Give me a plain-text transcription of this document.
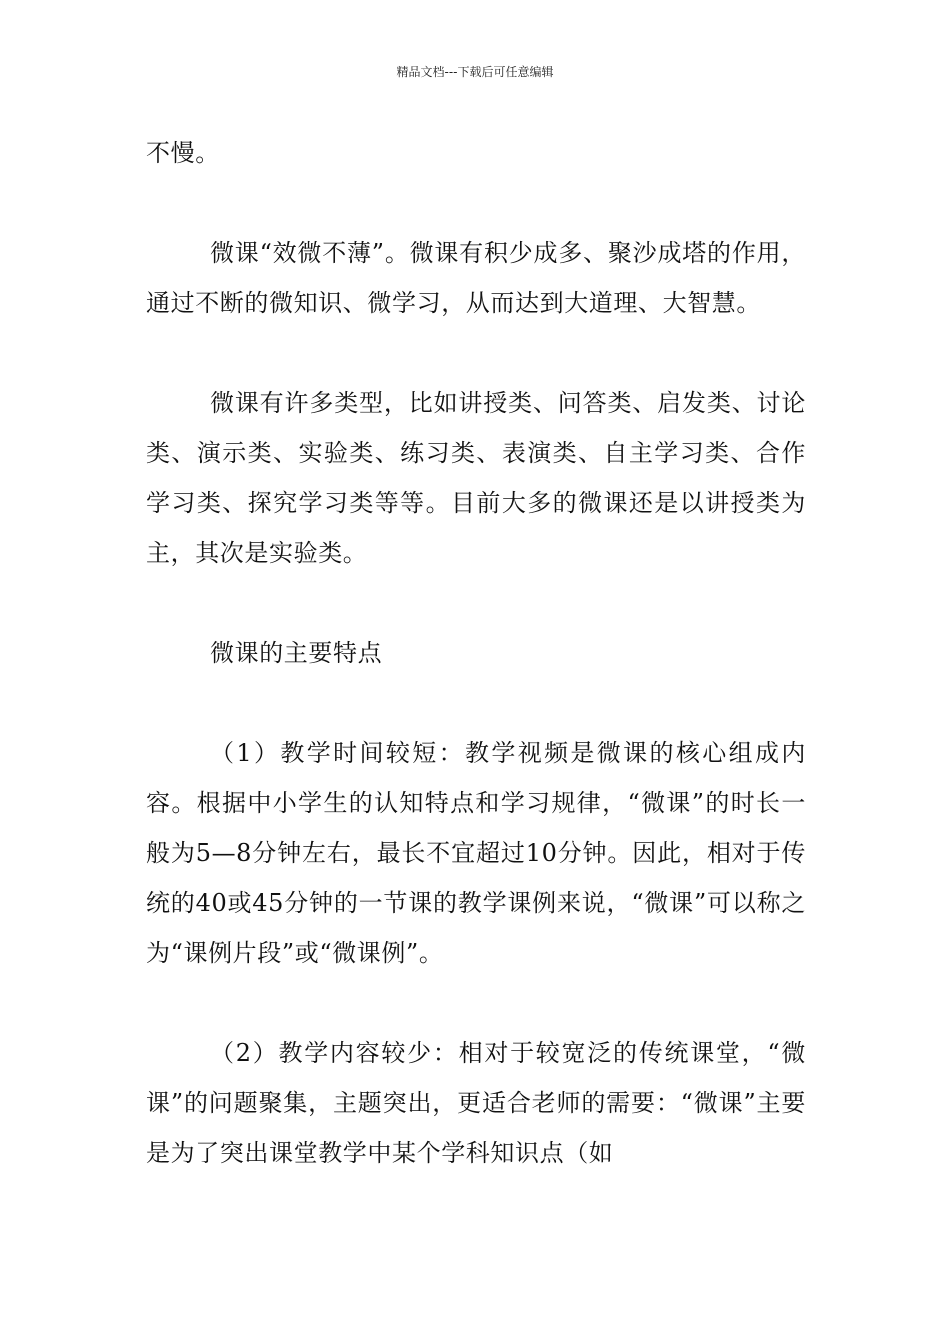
精品文档---下载后可任意编辑

不慢。

微课“效微不薄”。微课有积少成多、聚沙成塔的作用，通过不断的微知识、微学习，从而达到大道理、大智慧。

微课有许多类型，比如讲授类、问答类、启发类、讨论类、演示类、实验类、练习类、表演类、自主学习类、合作学习类、探究学习类等等。目前大多的微课还是以讲授类为主，其次是实验类。

微课的主要特点

（1）教学时间较短：教学视频是微课的核心组成内容。根据中小学生的认知特点和学习规律，“微课”的时长一般为5—8分钟左右，最长不宜超过10分钟。因此，相对于传统的40或45分钟的一节课的教学课例来说，“微课”可以称之为“课例片段”或“微课例”。

（2）教学内容较少：相对于较宽泛的传统课堂，“微课”的问题聚集，主题突出，更适合老师的需要：“微课”主要是为了突出课堂教学中某个学科知识点（如
